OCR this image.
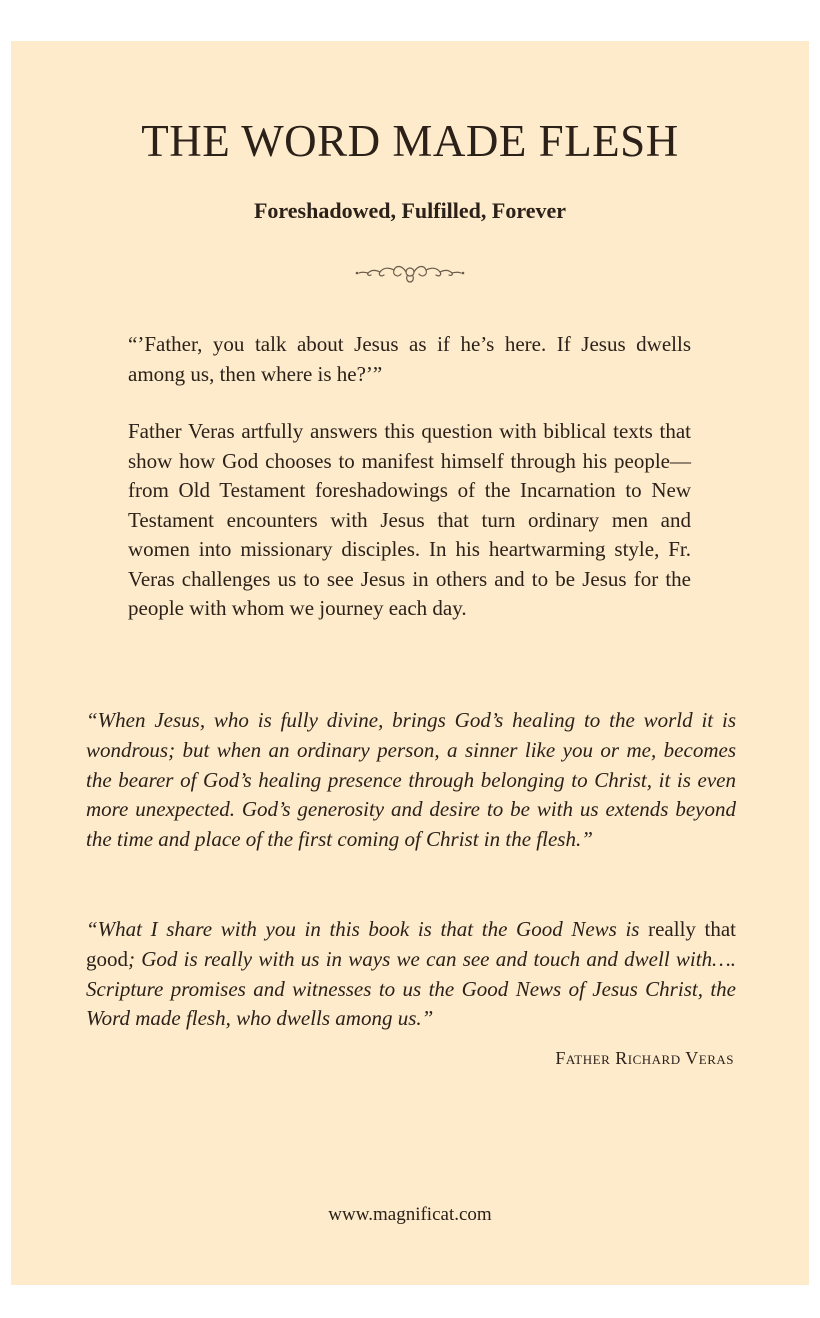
THE WORD MADE FLESH
Foreshadowed, Fulfilled, Forever

“’Father, you talk about Jesus as if he’s here. If Jesus dwells among us, then where is he?’”

Father Veras artfully answers this question with biblical texts that show how God chooses to manifest himself through his people—from Old Testament foreshadowings of the Incarnation to New Testament encounters with Jesus that turn ordinary men and women into missionary disciples. In his heartwarming style, Fr. Veras challenges us to see Jesus in others and to be Jesus for the people with whom we journey each day.

“When Jesus, who is fully divine, brings God’s healing to the world it is wondrous; but when an ordinary person, a sinner like you or me, becomes the bearer of God’s healing presence through belonging to Christ, it is even more unexpected. God’s generosity and desire to be with us extends beyond the time and place of the first coming of Christ in the flesh.”

“What I share with you in this book is that the Good News is really that good; God is really with us in ways we can see and touch and dwell with…. Scripture promises and witnesses to us the Good News of Jesus Christ, the Word made flesh, who dwells among us.”

Father Richard Veras

www.magnificat.com
